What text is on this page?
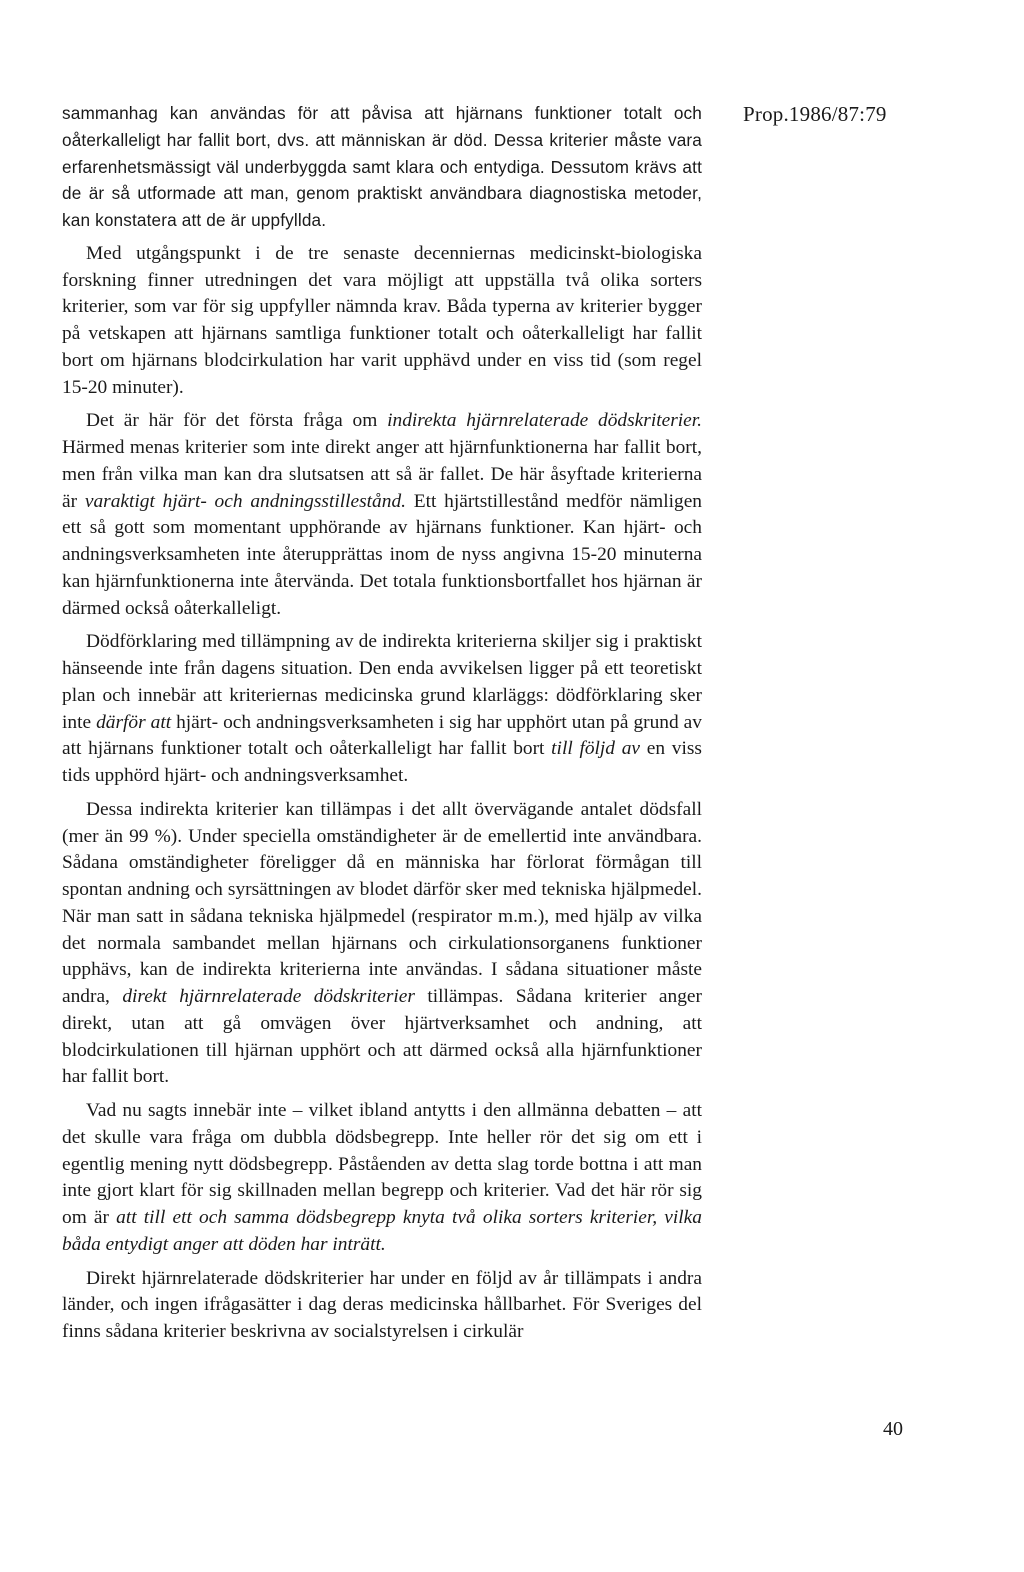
Prop.1986/87:79

sammanhag kan användas för att påvisa att hjärnans funktioner totalt och oåterkalleligt har fallit bort, dvs. att människan är död. Dessa kriterier måste vara erfarenhetsmässigt väl underbyggda samt klara och entydiga. Dessutom krävs att de är så utformade att man, genom praktiskt användbara diagnostiska metoder, kan konstatera att de är uppfyllda.

Med utgångspunkt i de tre senaste decenniernas medicinskt-biologiska forskning finner utredningen det vara möjligt att uppställa två olika sorters kriterier, som var för sig uppfyller nämnda krav. Båda typerna av kriterier bygger på vetskapen att hjärnans samtliga funktioner totalt och oåterkalleligt har fallit bort om hjärnans blodcirkulation har varit upphävd under en viss tid (som regel 15-20 minuter).

Det är här för det första fråga om indirekta hjärnrelaterade dödskriterier. Härmed menas kriterier som inte direkt anger att hjärnfunktionerna har fallit bort, men från vilka man kan dra slutsatsen att så är fallet. De här åsyftade kriterierna är varaktigt hjärt- och andningsstillestånd. Ett hjärtstillestånd medför nämligen ett så gott som momentant upphörande av hjärnans funktioner. Kan hjärt- och andningsverksamheten inte återupprättas inom de nyss angivna 15-20 minuterna kan hjärnfunktionerna inte återvända. Det totala funktionsbortfallet hos hjärnan är därmed också oåterkalleligt.

Dödförklaring med tillämpning av de indirekta kriterierna skiljer sig i praktiskt hänseende inte från dagens situation. Den enda avvikelsen ligger på ett teoretiskt plan och innebär att kriteriernas medicinska grund klarläggs: dödförklaring sker inte därför att hjärt- och andningsverksamheten i sig har upphört utan på grund av att hjärnans funktioner totalt och oåterkalleligt har fallit bort till följd av en viss tids upphörd hjärt- och andningsverksamhet.

Dessa indirekta kriterier kan tillämpas i det allt övervägande antalet dödsfall (mer än 99 %). Under speciella omständigheter är de emellertid inte användbara. Sådana omständigheter föreligger då en människa har förlorat förmågan till spontan andning och syrsättningen av blodet därför sker med tekniska hjälpmedel. När man satt in sådana tekniska hjälpmedel (respirator m.m.), med hjälp av vilka det normala sambandet mellan hjärnans och cirkulationsorganens funktioner upphävs, kan de indirekta kriterierna inte användas. I sådana situationer måste andra, direkt hjärnrelaterade dödskriterier tillämpas. Sådana kriterier anger direkt, utan att gå omvägen över hjärtverksamhet och andning, att blodcirkulationen till hjärnan upphört och att därmed också alla hjärnfunktioner har fallit bort.

Vad nu sagts innebär inte – vilket ibland antytts i den allmänna debatten – att det skulle vara fråga om dubbla dödsbegrepp. Inte heller rör det sig om ett i egentlig mening nytt dödsbegrepp. Påståenden av detta slag torde bottna i att man inte gjort klart för sig skillnaden mellan begrepp och kriterier. Vad det här rör sig om är att till ett och samma dödsbegrepp knyta två olika sorters kriterier, vilka båda entydigt anger att döden har inträtt.

Direkt hjärnrelaterade dödskriterier har under en följd av år tillämpats i andra länder, och ingen ifrågasätter i dag deras medicinska hållbarhet. För Sveriges del finns sådana kriterier beskrivna av socialstyrelsen i cirkulär

40
